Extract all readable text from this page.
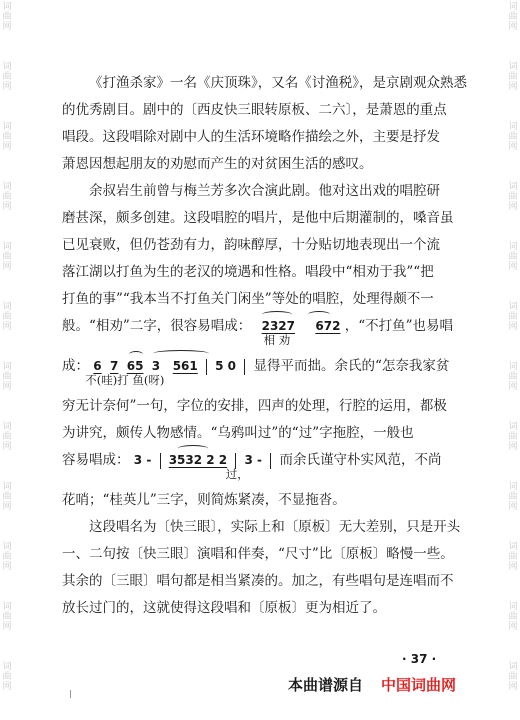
词
曲
网
词
曲
网
词
曲
网
词
曲
网
词
曲
网
词
曲
网
词
曲
网
词
曲
网
词
曲
网
词
曲
网
词
曲
网
词
曲
网
词
曲
网
词
曲
网
词
曲
网
词
曲
网
词
曲
网
词
曲
网
词
曲
网
词
曲
网
词
曲
网
词
曲
网
词
曲
网
词
曲
网
《打渔杀家》一名《庆顶珠》，又名《讨渔税》，是京剧观众熟悉
的优秀剧目。剧中的〔西皮快三眼转原板、二六〕，是萧恩的重点
唱段。这段唱除对剧中人的生活环境略作描绘之外，主要是抒发
萧恩因想起朋友的劝慰而产生的对贫困生活的感叹。
余叔岩生前曾与梅兰芳多次合演此剧。他对这出戏的唱腔研
磨甚深，颇多创建。这段唱腔的唱片，是他中后期灌制的，嗓音虽
已见衰败，但仍苍劲有力，韵味醇厚，十分贴切地表现出一个流
落江湖以打鱼为生的老汉的境遇和性格。唱段中“相劝于我”“把
打鱼的事”“我本当不打鱼关门闲坐”等处的唱腔，处理得颇不一
般。“相劝”二字，很容易唱成： 2327 672
相 劝
，“不打鱼”也易唱
成： 6 7 65 3 561 5 0
不(哇)打 鱼(呀)
显得平而拙。余氏的“怎奈我家贫
穷无计奈何”一句，字位的安排，四声的处理，行腔的运用，都极
为讲究，颇传人物感情。“乌鸦叫过”的“过”字拖腔，一般也
容易唱成： 3 - 3532 2 2 3 -
过，
而余氏谨守朴实风范，不尚
花哨；“桂英儿”三字，则简炼紧凑，不显拖沓。
这段唱名为〔快三眼〕，实际上和〔原板〕无大差别，只是开头
一、二句按〔快三眼〕演唱和伴奏，“尺寸”比〔原板〕略慢一些。
其余的〔三眼〕唱句都是相当紧凑的。加之，有些唱句是连唱而不
放长过门的，这就使得这段唱和〔原板〕更为相近了。
· 37 ·
本曲谱源自 中国词曲网
